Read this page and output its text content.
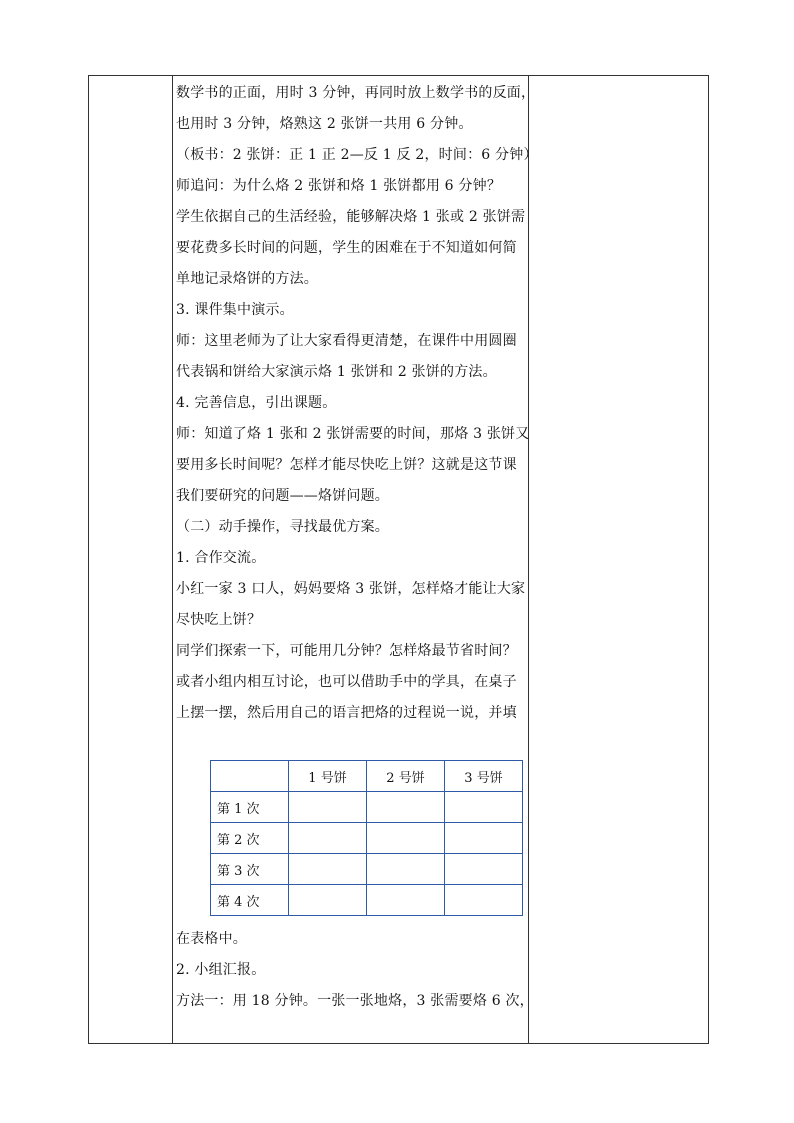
数学书的正面，用时 3 分钟，再同时放上数学书的反面，

也用时 3 分钟，烙熟这 2 张饼一共用 6 分钟。

（板书：2 张饼：正 1 正 2—反 1 反 2，时间：6 分钟）

师追问：为什么烙 2 张饼和烙 1 张饼都用 6 分钟？

学生依据自己的生活经验，能够解决烙 1 张或 2 张饼需

要花费多长时间的问题，学生的困难在于不知道如何简

单地记录烙饼的方法。

3. 课件集中演示。

师：这里老师为了让大家看得更清楚，在课件中用圆圈

代表锅和饼给大家演示烙 1 张饼和 2 张饼的方法。

4. 完善信息，引出课题。

师：知道了烙 1 张和 2 张饼需要的时间，那烙 3 张饼又

要用多长时间呢？怎样才能尽快吃上饼？这就是这节课

我们要研究的问题——烙饼问题。

（二）动手操作，寻找最优方案。

1. 合作交流。

小红一家 3 口人，妈妈要烙 3 张饼，怎样烙才能让大家

尽快吃上饼？

同学们探索一下，可能用几分钟？怎样烙最节省时间？

或者小组内相互讨论，也可以借助手中的学具，在桌子

上摆一摆，然后用自己的语言把烙的过程说一说，并填

	1 号饼	2 号饼	3 号饼
第 1 次			
第 2 次			
第 3 次			
第 4 次			

在表格中。

2. 小组汇报。

方法一：用 18 分钟。一张一张地烙，3 张需要烙 6 次，
